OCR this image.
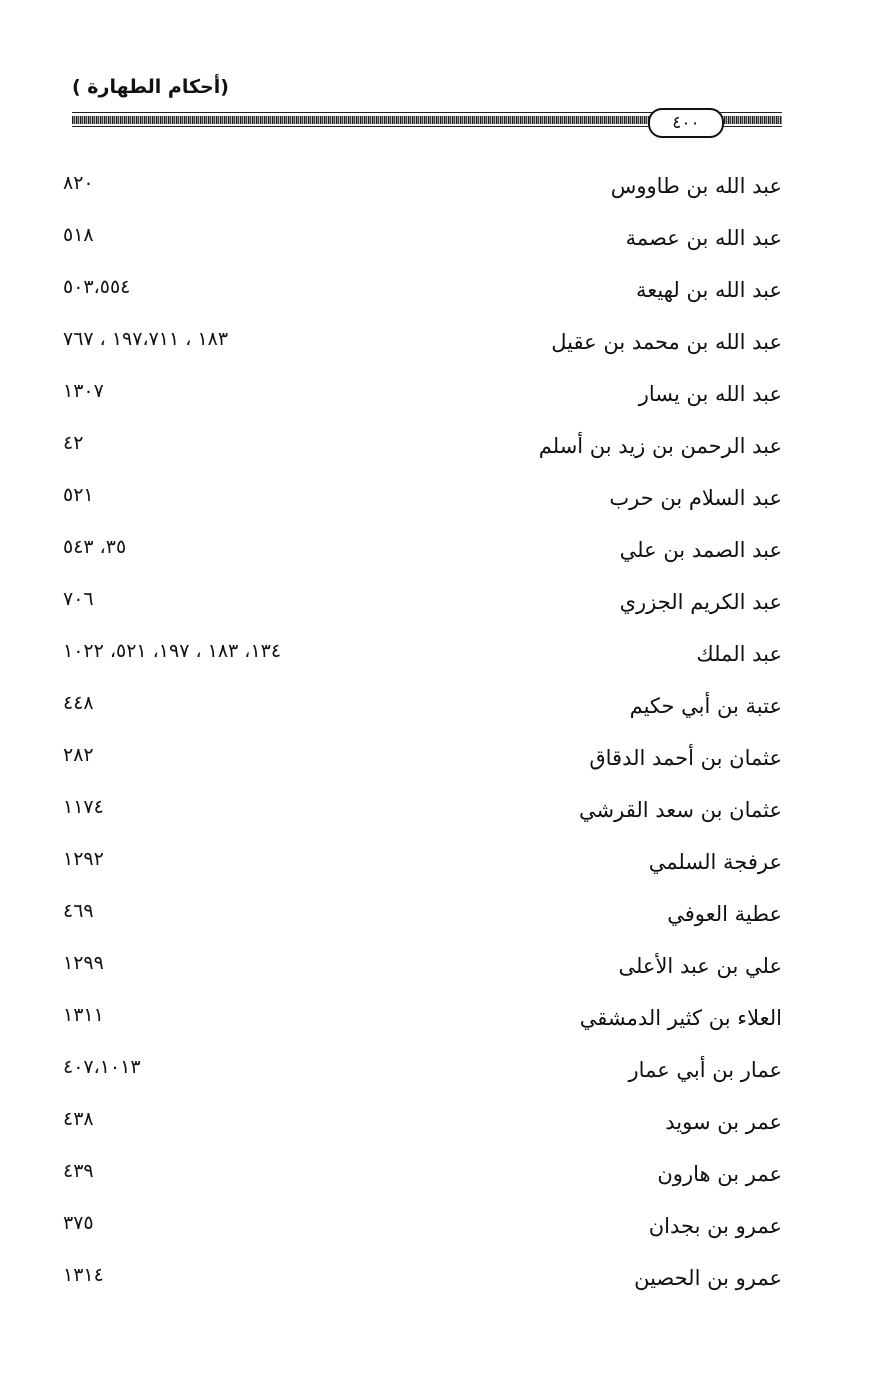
(أحكام الطهارة )
٤٠٠
عبد الله بن طاووس
٨٢٠
عبد الله بن عصمة
٥١٨
عبد الله بن لهيعة
٥٠٣،٥٥٤
عبد الله بن محمد بن عقيل
١٨٣ ، ١٩٧،٧١١ ، ٧٦٧
عبد الله بن يسار
١٣٠٧
عبد الرحمن بن زيد بن أسلم
٤٢
عبد السلام بن حرب
٥٢١
عبد الصمد بن علي
٣٥، ٥٤٣
عبد الكريم الجزري
٧٠٦
عبد الملك
١٣٤، ١٨٣ ، ١٩٧، ٥٢١، ١٠٢٢
عتبة بن أبي حكيم
٤٤٨
عثمان بن أحمد الدقاق
٢٨٢
عثمان بن سعد القرشي
١١٧٤
عرفجة السلمي
١٢٩٢
عطية العوفي
٤٦٩
علي بن عبد الأعلى
١٢٩٩
العلاء بن كثير الدمشقي
١٣١١
عمار بن أبي عمار
٤٠٧،١٠١٣
عمر بن سويد
٤٣٨
عمر بن هارون
٤٣٩
عمرو بن بجدان
٣٧٥
عمرو بن الحصين
١٣١٤
